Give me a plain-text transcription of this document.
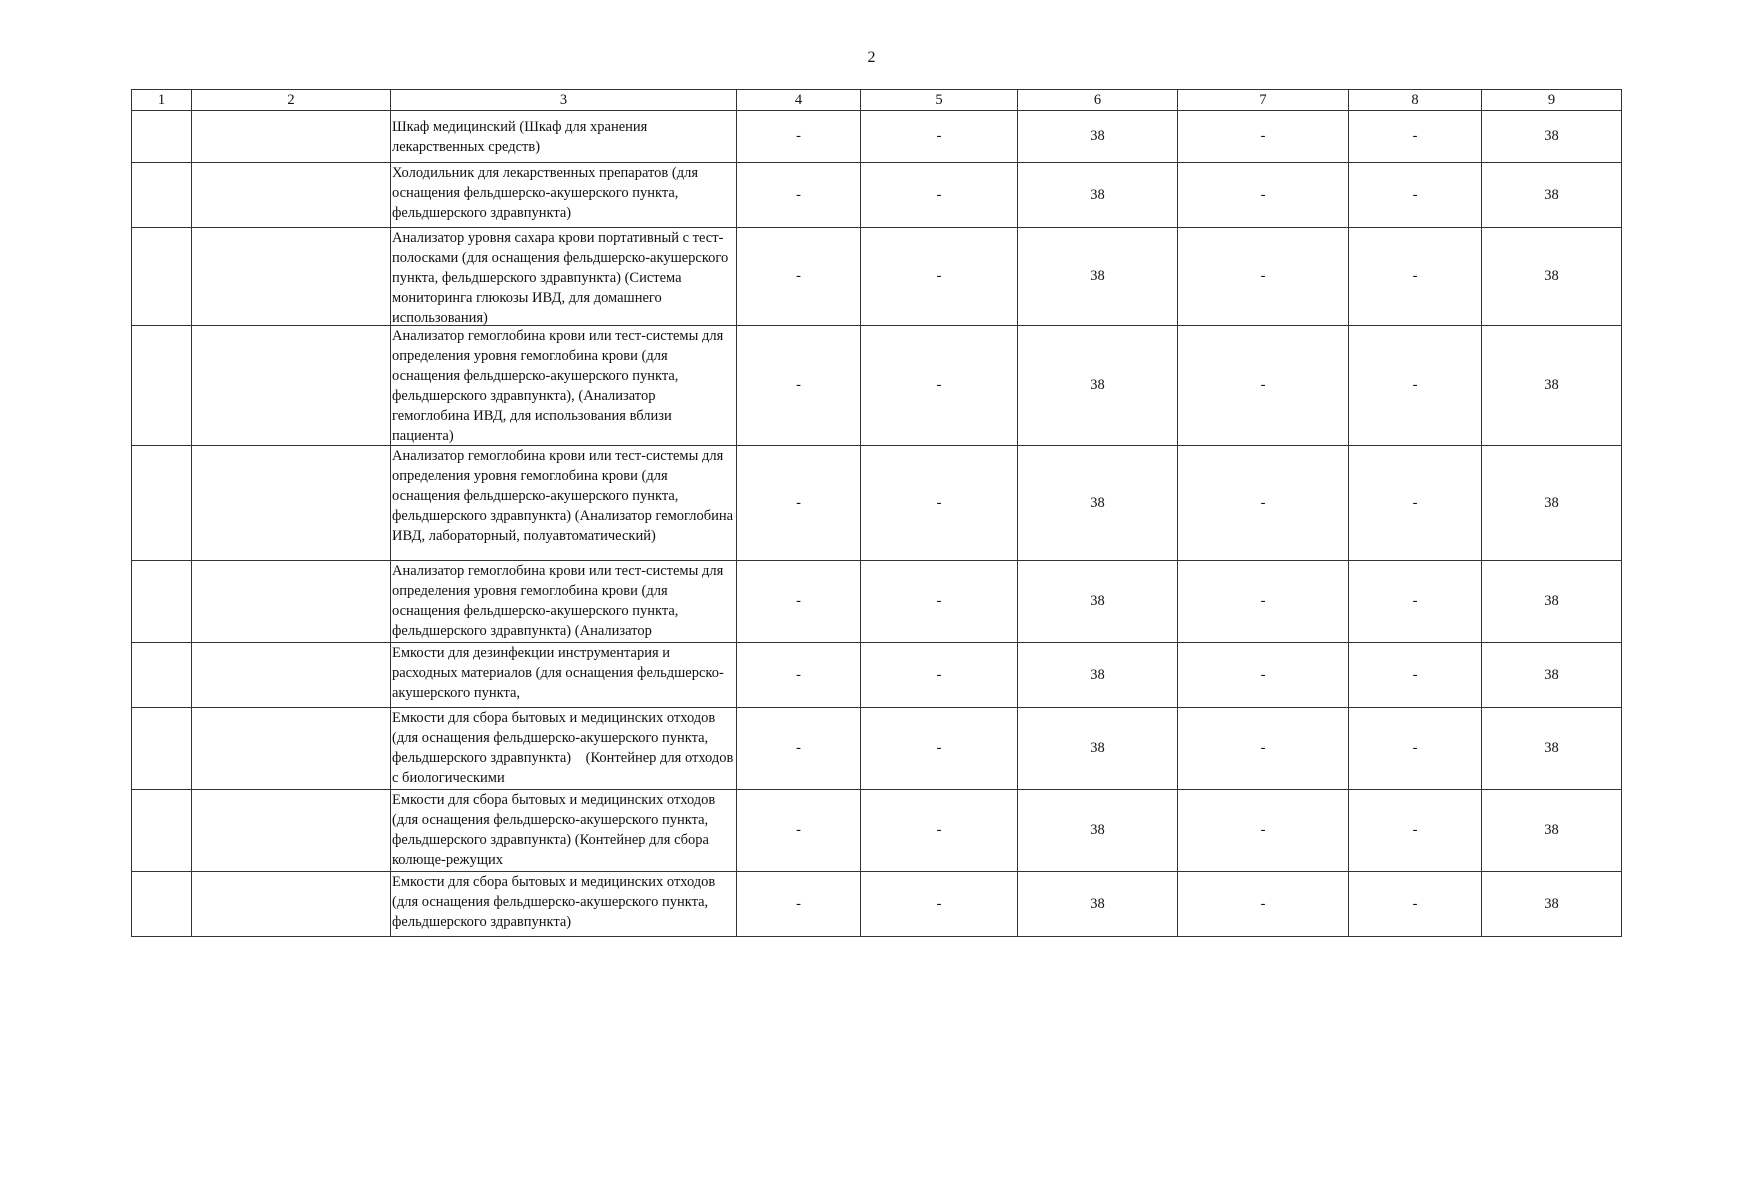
2
1	2	3	4	5	6	7	8	9

		Шкаф медицинский (Шкаф для хранения лекарственных средств)	-	-	38	-	-	38

		Холодильник для лекарственных препаратов (для оснащения фельдшерско-акушерского пункта, фельдшерского здравпункта)	-	-	38	-	-	38

		Анализатор уровня сахара крови портативный с тест-полосками (для оснащения фельдшерско-акушерского пункта, фельдшерского здравпункта) (Система мониторинга глюкозы ИВД, для домашнего использования)	-	-	38	-	-	38

		Анализатор гемоглобина крови или тест-системы для определения уровня гемоглобина крови (для оснащения фельдшерско-акушерского пункта, фельдшерского здравпункта), (Анализатор гемоглобина ИВД, для использования вблизи пациента)	-	-	38	-	-	38

		Анализатор гемоглобина крови или тест-системы для определения уровня гемоглобина крови (для оснащения фельдшерско-акушерского пункта, фельдшерского здравпункта) (Анализатор гемоглобина ИВД, лабораторный, полуавтоматический)	-	-	38	-	-	38

		Анализатор гемоглобина крови или тест-системы для определения уровня гемоглобина крови (для оснащения фельдшерско-акушерского пункта, фельдшерского здравпункта) (Анализатор	-	-	38	-	-	38

		Емкости для дезинфекции инструментария и расходных материалов (для оснащения фельдшерско-акушерского пункта,	-	-	38	-	-	38

		Емкости для сбора бытовых и медицинских отходов (для оснащения фельдшерско-акушерского пункта, фельдшерского здравпункта)    (Контейнер для отходов с биологическими	-	-	38	-	-	38

		Емкости для сбора бытовых и медицинских отходов (для оснащения фельдшерско-акушерского пункта, фельдшерского здравпункта) (Контейнер для сбора колюще-режущих	-	-	38	-	-	38

		Емкости для сбора бытовых и медицинских отходов (для оснащения фельдшерско-акушерского пункта, фельдшерского здравпункта)	-	-	38	-	-	38
